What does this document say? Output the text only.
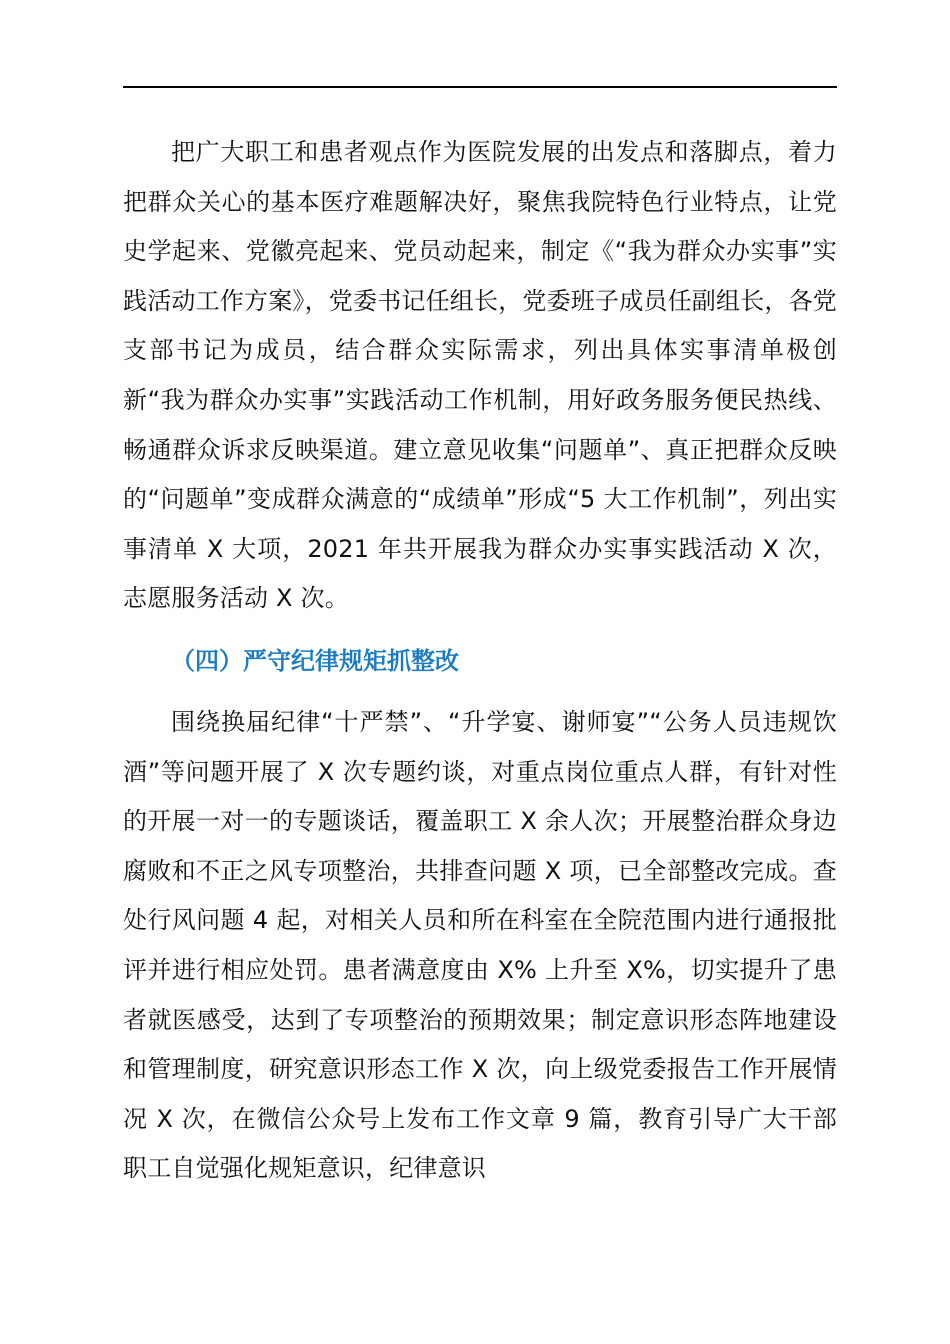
把广大职工和患者观点作为医院发展的出发点和落脚点，着力把群众关心的基本医疗难题解决好，聚焦我院特色行业特点，让党史学起来、党徽亮起来、党员动起来，制定《“我为群众办实事”实践活动工作方案》，党委书记任组长，党委班子成员任副组长，各党支部书记为成员，结合群众实际需求，列出具体实事清单极创新“我为群众办实事”实践活动工作机制，用好政务服务便民热线、畅通群众诉求反映渠道。建立意见收集“问题单”、真正把群众反映的“问题单”变成群众满意的“成绩单”形成“5 大工作机制”，列出实事清单 X 大项，2021 年共开展我为群众办实事实践活动 X 次，志愿服务活动 X 次。

（四）严守纪律规矩抓整改

围绕换届纪律“十严禁”、“升学宴、谢师宴”“公务人员违规饮酒”等问题开展了 X 次专题约谈，对重点岗位重点人群，有针对性的开展一对一的专题谈话，覆盖职工 X 余人次；开展整治群众身边腐败和不正之风专项整治，共排查问题 X 项，已全部整改完成。查处行风问题 4 起，对相关人员和所在科室在全院范围内进行通报批评并进行相应处罚。患者满意度由 X% 上升至 X%，切实提升了患者就医感受，达到了专项整治的预期效果；制定意识形态阵地建设和管理制度，研究意识形态工作 X 次，向上级党委报告工作开展情况 X 次，在微信公众号上发布工作文章 9 篇，教育引导广大干部职工自觉强化规矩意识，纪律意识
